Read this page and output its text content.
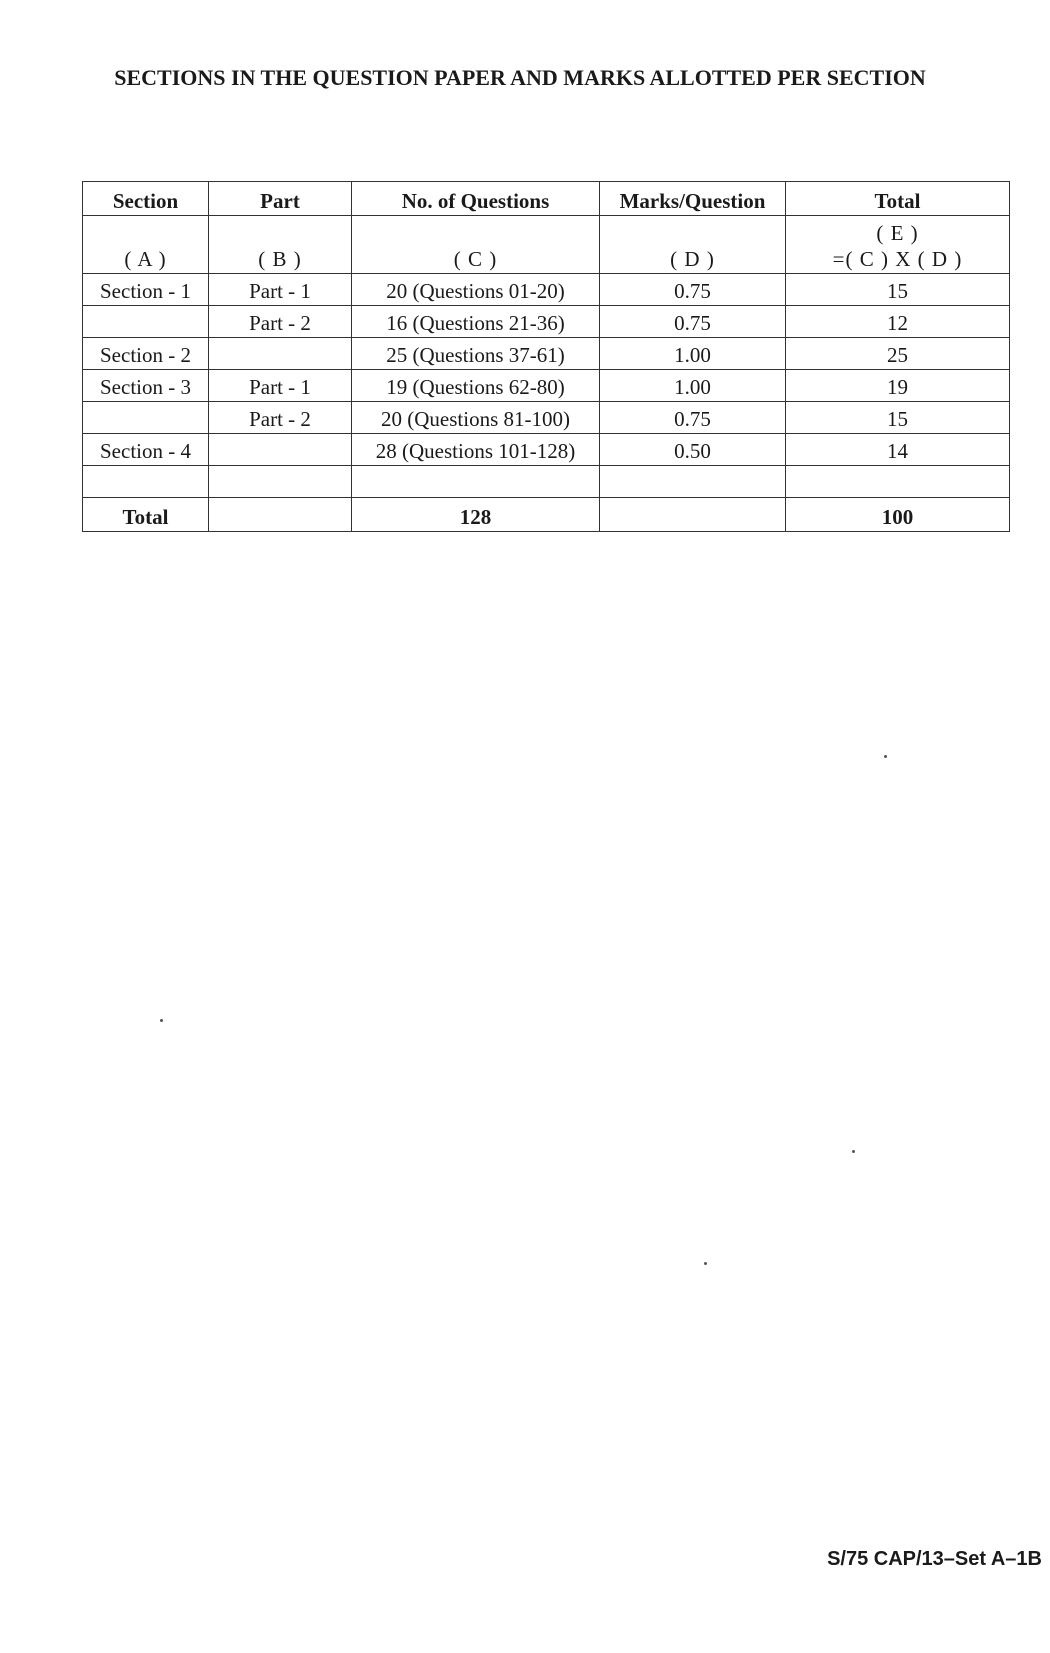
SECTIONS IN THE QUESTION PAPER AND MARKS ALLOTTED PER SECTION
Section	Part	No. of Questions	Marks/Question	Total
( A )	( B )	( C )	( D )	( E )
=( C ) X ( D )

Section - 1	Part - 1	20 (Questions 01-20)	0.75	15
	Part - 2	16 (Questions 21-36)	0.75	12
Section - 2		25 (Questions 37-61)	1.00	25
Section - 3	Part - 1	19 (Questions 62-80)	1.00	19
	Part - 2	20 (Questions 81-100)	0.75	15
Section - 4		28 (Questions 101-128)	0.50	14

Total		128		100
S/75 CAP/13–Set A–1B
